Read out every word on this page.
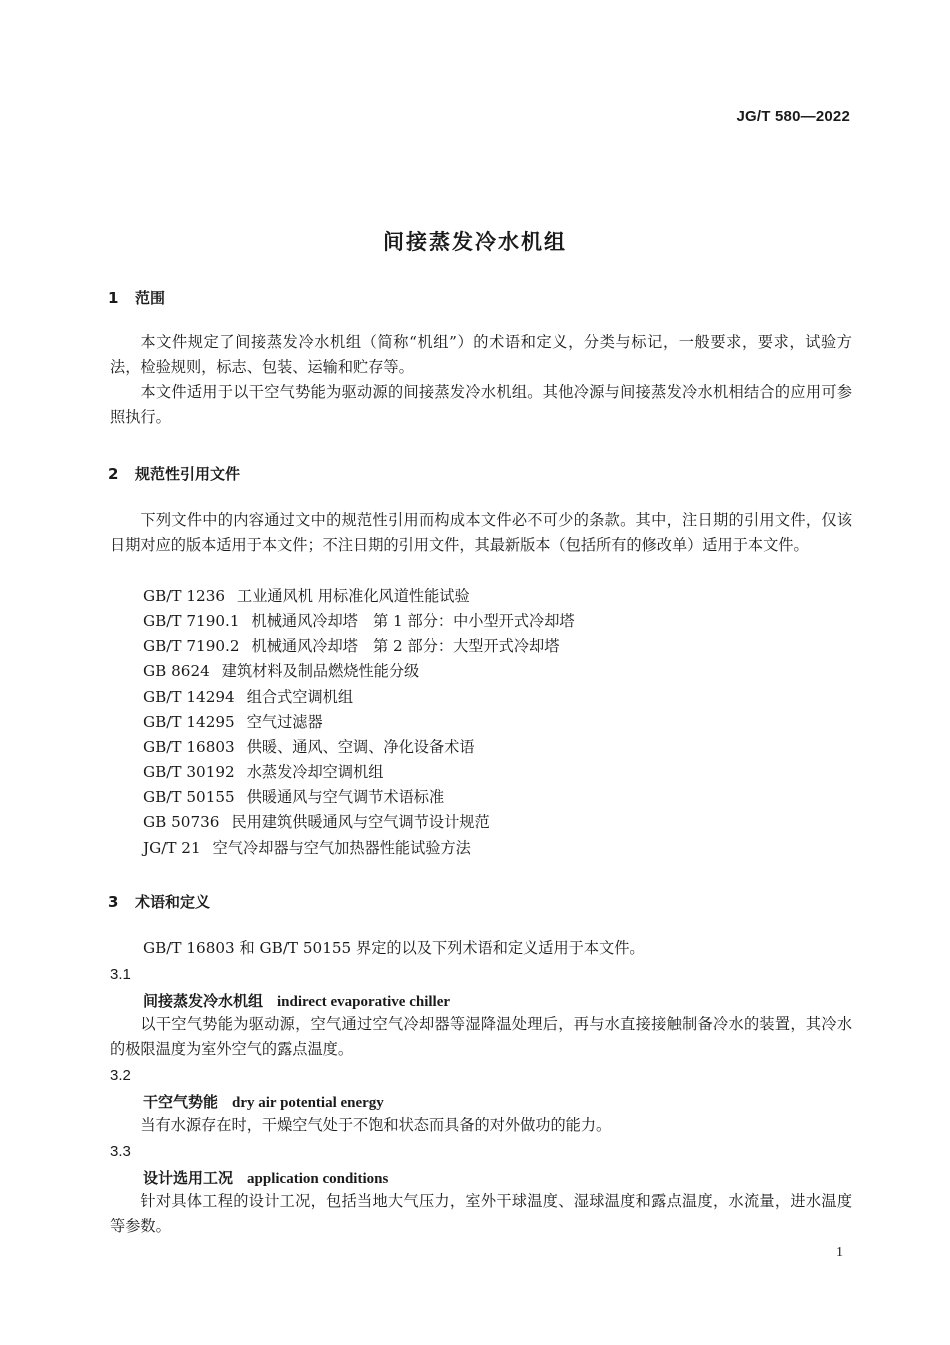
JG/T 580—2022
间接蒸发冷水机组
1 范围
本文件规定了间接蒸发冷水机组（简称“机组”）的术语和定义，分类与标记，一般要求，要求，试验方法，检验规则，标志、包装、运输和贮存等。
本文件适用于以干空气势能为驱动源的间接蒸发冷水机组。其他冷源与间接蒸发冷水机相结合的应用可参照执行。
2 规范性引用文件
下列文件中的内容通过文中的规范性引用而构成本文件必不可少的条款。其中，注日期的引用文件，仅该日期对应的版本适用于本文件；不注日期的引用文件，其最新版本（包括所有的修改单）适用于本文件。
GB/T 1236 工业通风机 用标准化风道性能试验
GB/T 7190.1 机械通风冷却塔　第 1 部分：中小型开式冷却塔
GB/T 7190.2 机械通风冷却塔　第 2 部分：大型开式冷却塔
GB 8624 建筑材料及制品燃烧性能分级
GB/T 14294 组合式空调机组
GB/T 14295 空气过滤器
GB/T 16803 供暖、通风、空调、净化设备术语
GB/T 30192 水蒸发冷却空调机组
GB/T 50155 供暖通风与空气调节术语标准
GB 50736 民用建筑供暖通风与空气调节设计规范
JG/T 21 空气冷却器与空气加热器性能试验方法
3 术语和定义
GB/T 16803 和 GB/T 50155 界定的以及下列术语和定义适用于本文件。
3.1
间接蒸发冷水机组 indirect evaporative chiller
以干空气势能为驱动源，空气通过空气冷却器等湿降温处理后，再与水直接接触制备冷水的装置，其冷水的极限温度为室外空气的露点温度。
3.2
干空气势能 dry air potential energy
当有水源存在时，干燥空气处于不饱和状态而具备的对外做功的能力。
3.3
设计选用工况 application conditions
针对具体工程的设计工况，包括当地大气压力，室外干球温度、湿球温度和露点温度，水流量，进水温度等参数。
1
